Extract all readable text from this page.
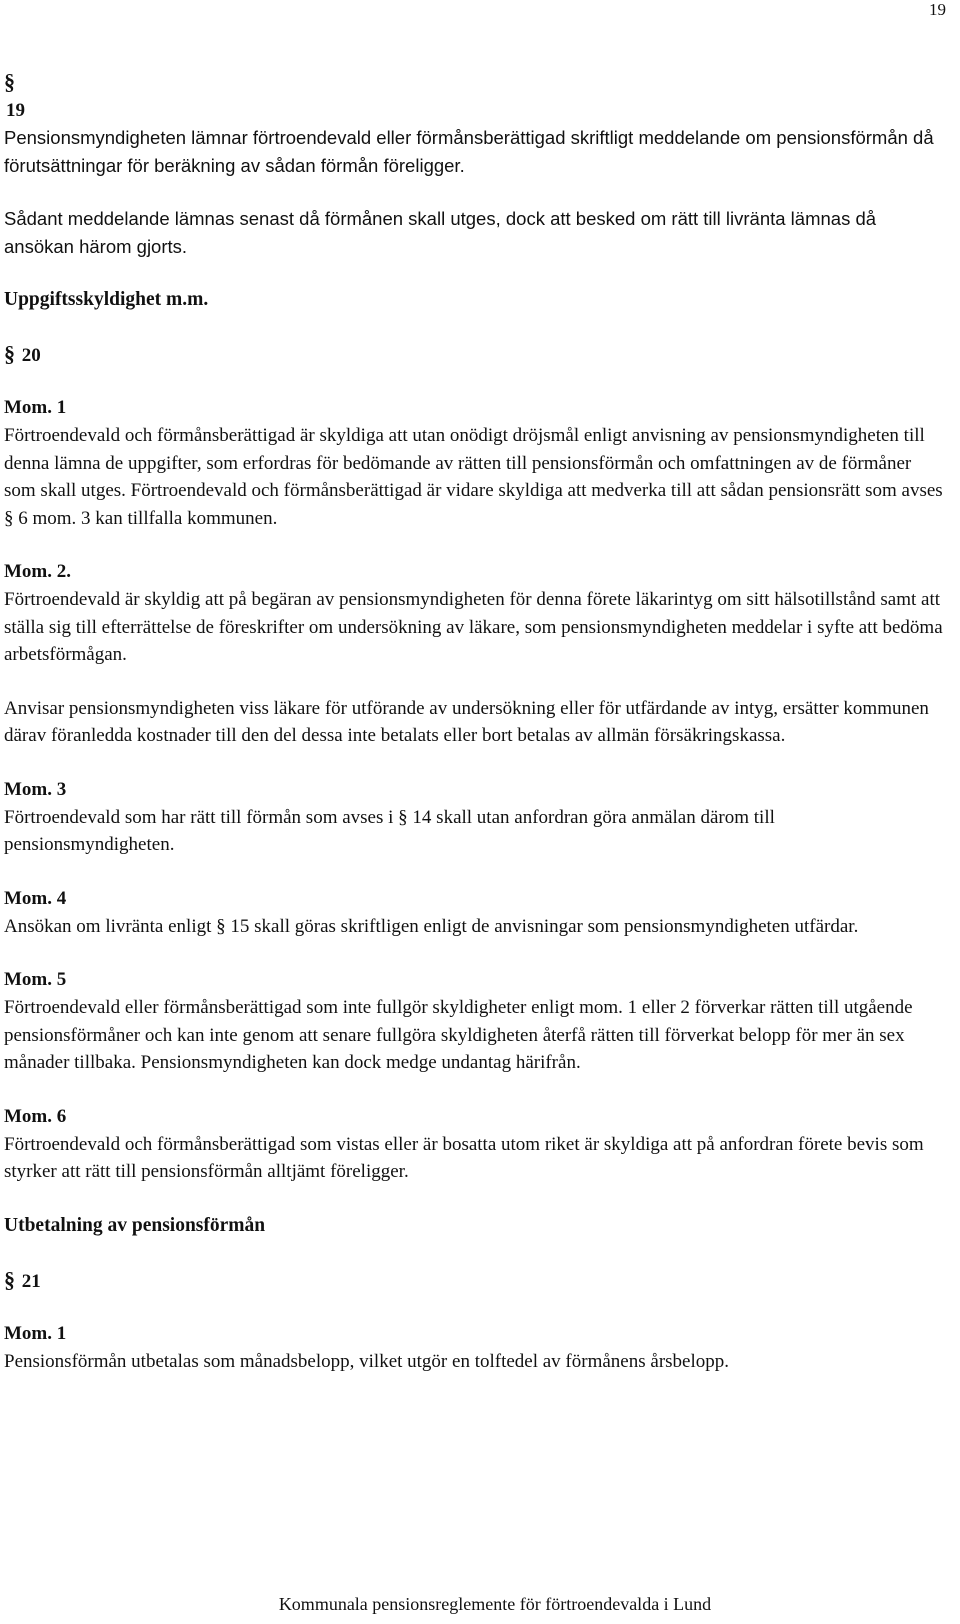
19
§
19

Pensionsmyndigheten lämnar förtroendevald eller förmånsberättigad skriftligt meddelande om pensionsförmån då förutsättningar för beräkning av sådan förmån föreligger.

Sådant meddelande lämnas senast då förmånen skall utges, dock att besked om rätt till livränta lämnas då ansökan härom gjorts.

Uppgiftsskyldighet m.m.
§ 20
Mom. 1

Förtroendevald och förmånsberättigad är skyldiga att utan onödigt dröjsmål enligt anvisning av pensionsmyndigheten till denna lämna de uppgifter, som erfordras för bedömande av rätten till pensionsförmån och omfattningen av de förmåner som skall utges. Förtroendevald och förmånsberättigad är vidare skyldiga att medverka till att sådan pensionsrätt som avses § 6 mom. 3 kan tillfalla kommunen.

Mom. 2.

Förtroendevald är skyldig att på begäran av pensionsmyndigheten för denna förete läkarintyg om sitt hälsotillstånd samt att ställa sig till efterrättelse de föreskrifter om undersökning av läkare, som pensionsmyndigheten meddelar i syfte att bedöma arbetsförmågan.

Anvisar pensionsmyndigheten viss läkare för utförande av undersökning eller för utfärdande av intyg, ersätter kommunen därav föranledda kostnader till den del dessa inte betalats eller bort betalas av allmän försäkringskassa.

Mom. 3

Förtroendevald som har rätt till förmån som avses i § 14 skall utan anfordran göra anmälan därom till pensionsmyndigheten.

Mom. 4

Ansökan om livränta enligt § 15 skall göras skriftligen enligt de anvisningar som pensionsmyndigheten utfärdar.

Mom. 5

Förtroendevald eller förmånsberättigad som inte fullgör skyldigheter enligt mom. 1 eller 2 förverkar rätten till utgående pensionsförmåner och kan inte genom att senare fullgöra skyldigheten återfå rätten till förverkat belopp för mer än sex månader tillbaka. Pensionsmyndigheten kan dock medge undantag härifrån.

Mom. 6

Förtroendevald och förmånsberättigad som vistas eller är bosatta utom riket är skyldiga att på anfordran förete bevis som styrker att rätt till pensionsförmån alltjämt föreligger.

Utbetalning av pensionsförmån
§ 21
Mom. 1

Pensionsförmån utbetalas som månadsbelopp, vilket utgör en tolftedel av förmånens årsbelopp.

Kommunala pensionsreglemente för förtroendevalda i Lund
